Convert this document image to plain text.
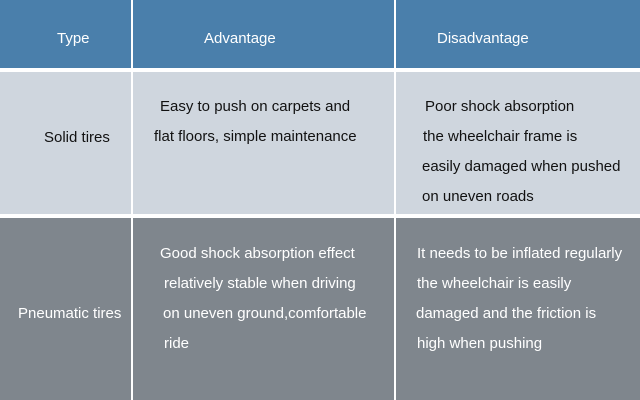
Type	Advantage	Disadvantage
Solid tires
Easy to push on carpets and
flat floors, simple maintenance
Poor shock absorption
the wheelchair frame is
easily damaged when pushed
on uneven roads
Pneumatic tires
Good shock absorption effect
relatively stable when driving
on uneven ground,comfortable
ride
It needs to be inflated regularly
the wheelchair is easily
damaged and the friction is
high when pushing
